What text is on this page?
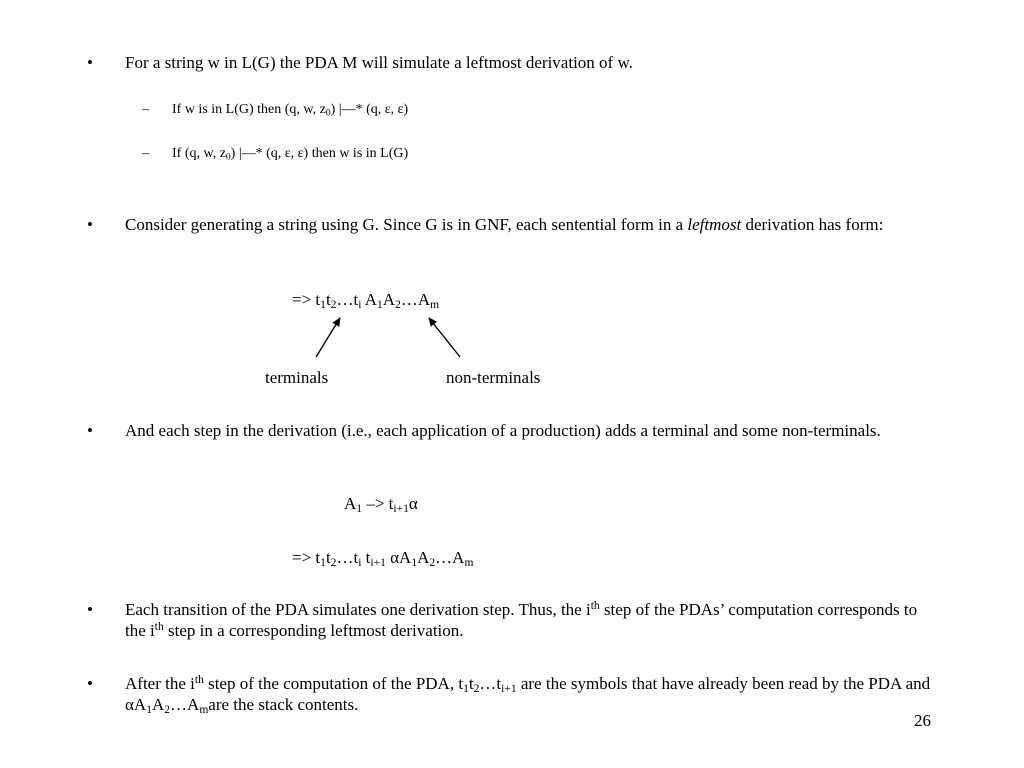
• For a string w in L(G) the PDA M will simulate a leftmost derivation of w.
– If w is in L(G) then (q, w, $z_0$) |—* (q, ε, ε)
– If (q, w, $z_0$) |—* (q, ε, ε) then w is in L(G)
• Consider generating a string using G. Since G is in GNF, each sentential form in a leftmost derivation has form:
=> $t_1t_2\dots t_i$ $A_1A_2\dots A_m$
terminals	non-terminals
• And each step in the derivation (i.e., each application of a production) adds a terminal and some non-terminals.
$A_1 -> t_{i+1}\alpha$
=> $t_1t_2\dots t_i$ $t_{i+1}$ $\alpha A_1A_2\dots A_m$
• Each transition of the PDA simulates one derivation step. Thus, the $i^{th}$ step of the PDAs’ computation corresponds to the $i^{th}$ step in a corresponding leftmost derivation.
• After the $i^{th}$ step of the computation of the PDA, $t_1t_2\dots t_{i+1}$ are the symbols that have already been read by the PDA and $\alpha A_1A_2\dots A_mare$ the stack contents.
26
